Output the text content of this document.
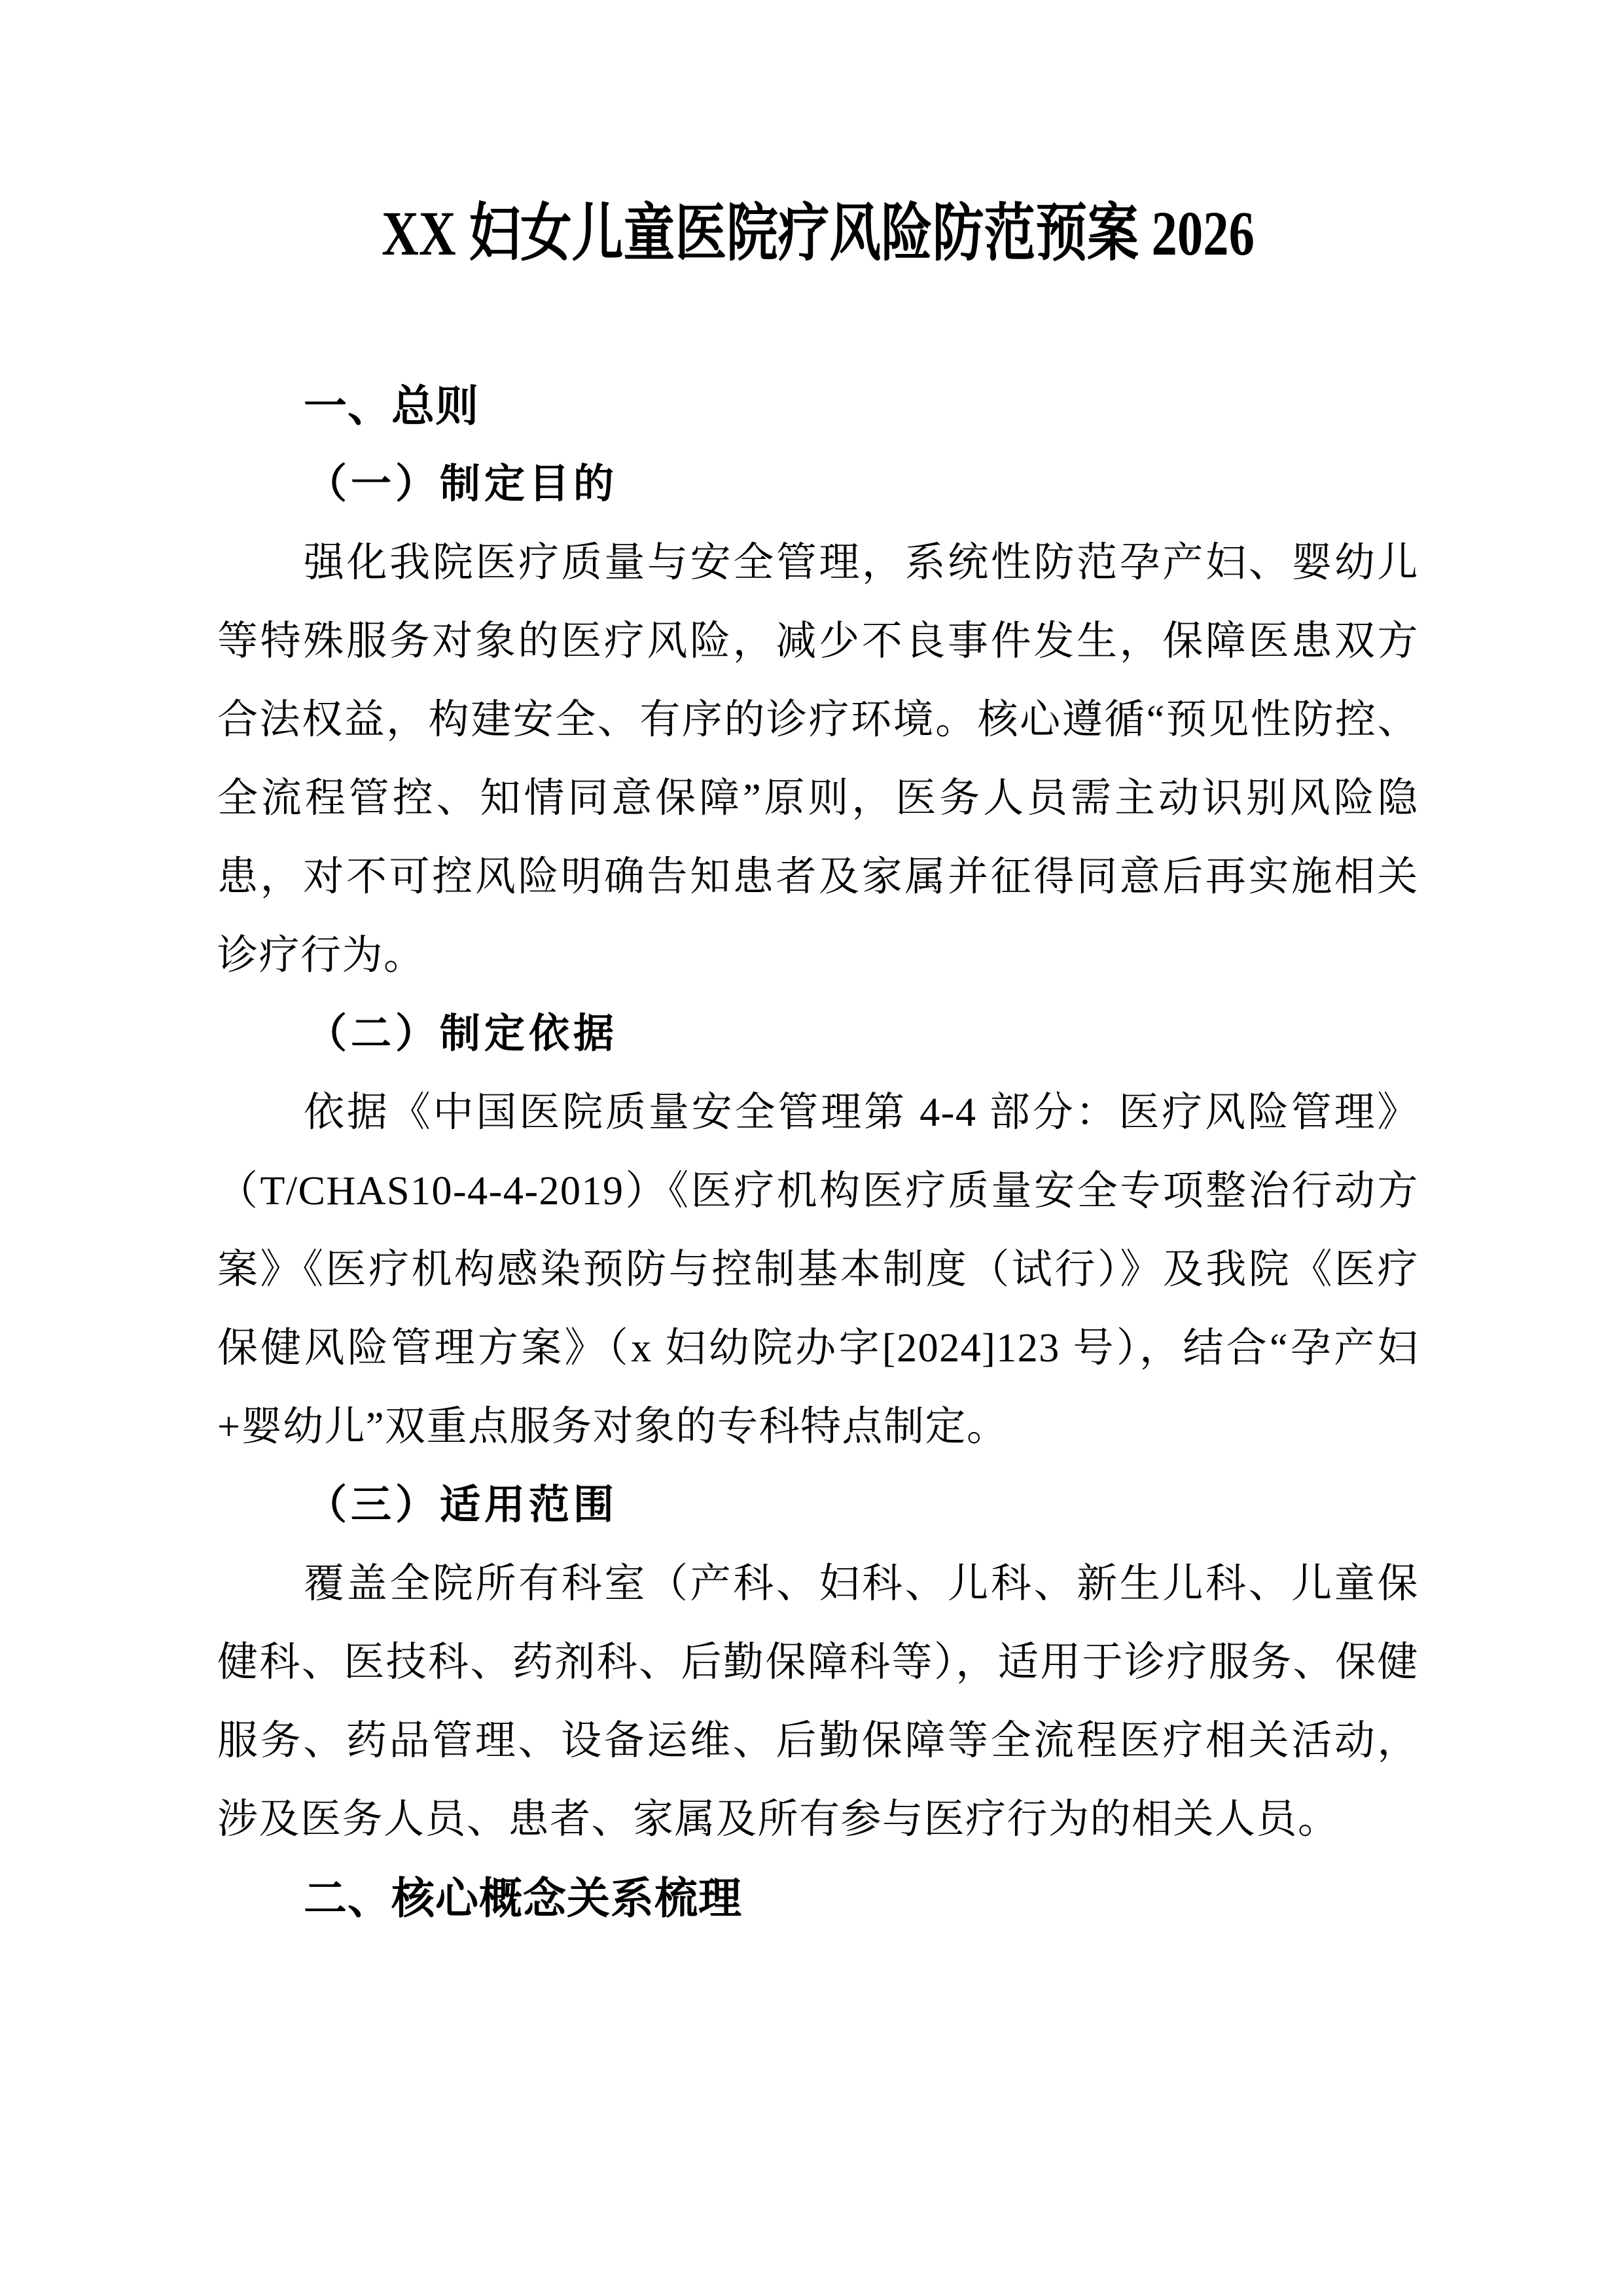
XX 妇女儿童医院疗风险防范预案 2026
一、总则
（一）制定目的

强化我院医疗质量与安全管理，系统性防范孕产妇、婴幼儿等特殊服务对象的医疗风险，减少不良事件发生，保障医患双方合法权益，构建安全、有序的诊疗环境。核心遵循“预见性防控、全流程管控、知情同意保障”原则，医务人员需主动识别风险隐患，对不可控风险明确告知患者及家属并征得同意后再实施相关诊疗行为。

（二）制定依据

依据《中国医院质量安全管理第 4-4 部分：医疗风险管理》（T/CHAS10-4-4-2019）《医疗机构医疗质量安全专项整治行动方案》《医疗机构感染预防与控制基本制度（试行）》及我院《医疗保健风险管理方案》（x 妇幼院办字[2024]123 号），结合“孕产妇+婴幼儿”双重点服务对象的专科特点制定。

（三）适用范围

覆盖全院所有科室（产科、妇科、儿科、新生儿科、儿童保健科、医技科、药剂科、后勤保障科等），适用于诊疗服务、保健服务、药品管理、设备运维、后勤保障等全流程医疗相关活动，涉及医务人员、患者、家属及所有参与医疗行为的相关人员。

二、核心概念关系梳理
